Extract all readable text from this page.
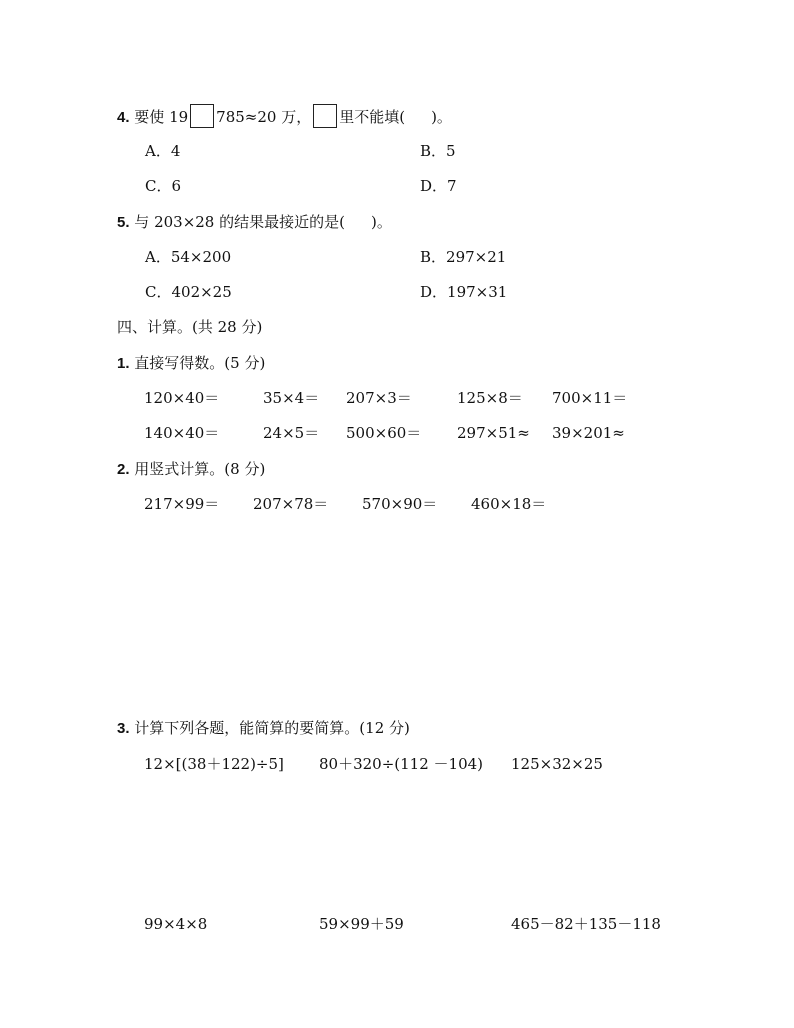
4. 要使 19 785≈20 万， 里不能填( )。
A．4	B．5
C．6	D．7
5. 与 203×28 的结果最接近的是( )。
A．54×200	B．297×21
C．402×25	D．197×31
四、计算。(共 28 分)
1. 直接写得数。(5 分)
120×40＝	35×4＝ 207×3＝	125×8＝ 700×11＝
140×40＝	24×5＝ 500×60＝ 297×51≈ 39×201≈
2. 用竖式计算。(8 分)
217×99＝ 207×78＝ 570×90＝ 460×18＝
3. 计算下列各题，能简算的要简算。(12 分)
12×[(38＋122)÷5] 80＋320÷(112 －104) 125×32×25
99×4×8	59×99＋59	465－82＋135－118
